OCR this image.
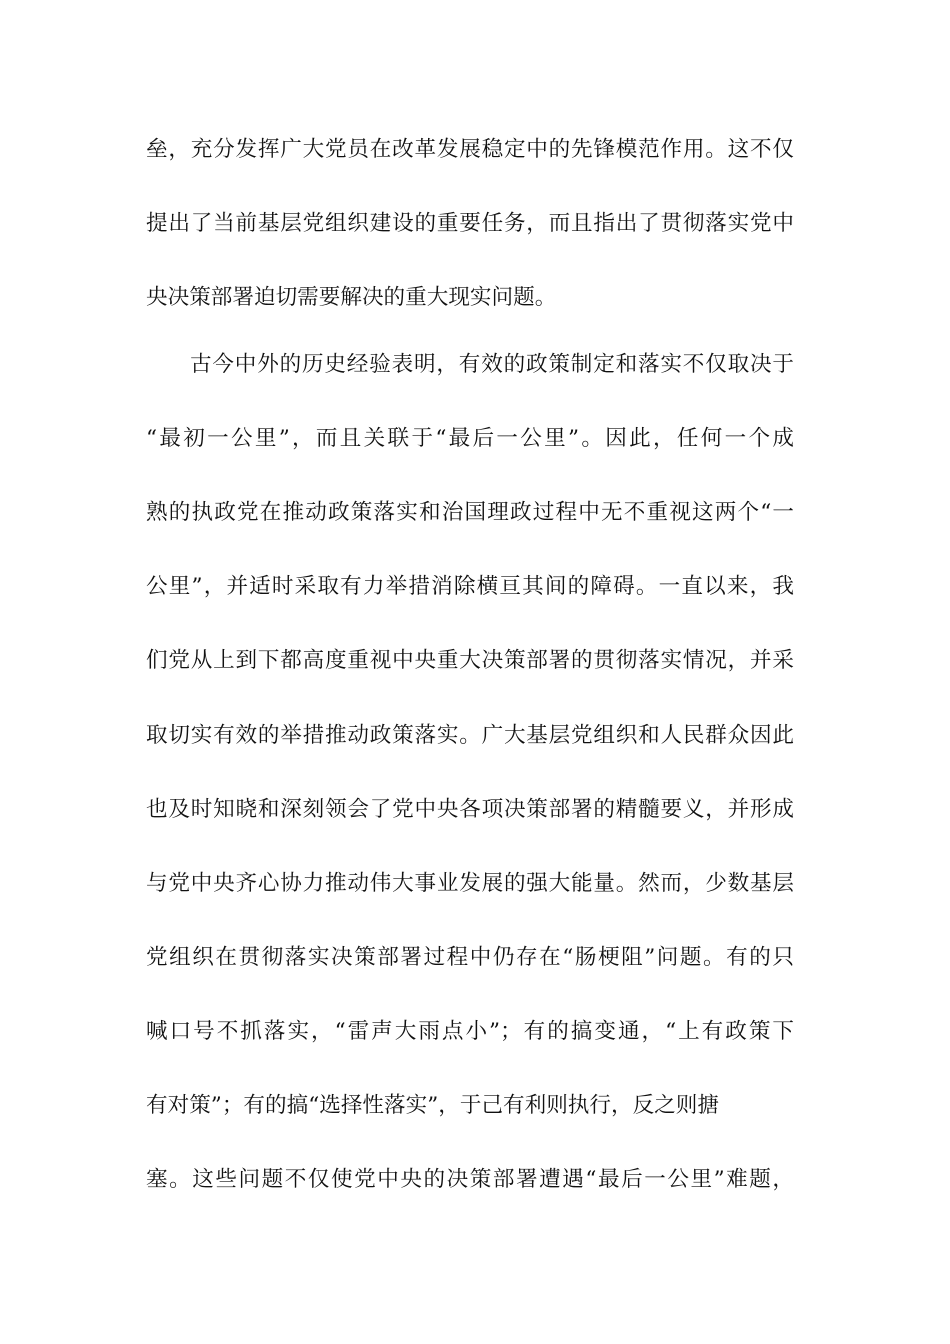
垒，充分发挥广大党员在改革发展稳定中的先锋模范作用。这不仅
提出了当前基层党组织建设的重要任务，而且指出了贯彻落实党中
央决策部署迫切需要解决的重大现实问题。
古今中外的历史经验表明，有效的政策制定和落实不仅取决于
“最初一公里”，而且关联于“最后一公里”。因此，任何一个成
熟的执政党在推动政策落实和治国理政过程中无不重视这两个“一
公里”，并适时采取有力举措消除横亘其间的障碍。一直以来，我
们党从上到下都高度重视中央重大决策部署的贯彻落实情况，并采
取切实有效的举措推动政策落实。广大基层党组织和人民群众因此
也及时知晓和深刻领会了党中央各项决策部署的精髓要义，并形成
与党中央齐心协力推动伟大事业发展的强大能量。然而，少数基层
党组织在贯彻落实决策部署过程中仍存在“肠梗阻”问题。有的只
喊口号不抓落实，“雷声大雨点小”；有的搞变通，“上有政策下
有对策”；有的搞“选择性落实”，于己有利则执行，反之则搪
塞。这些问题不仅使党中央的决策部署遭遇“最后一公里”难题，
